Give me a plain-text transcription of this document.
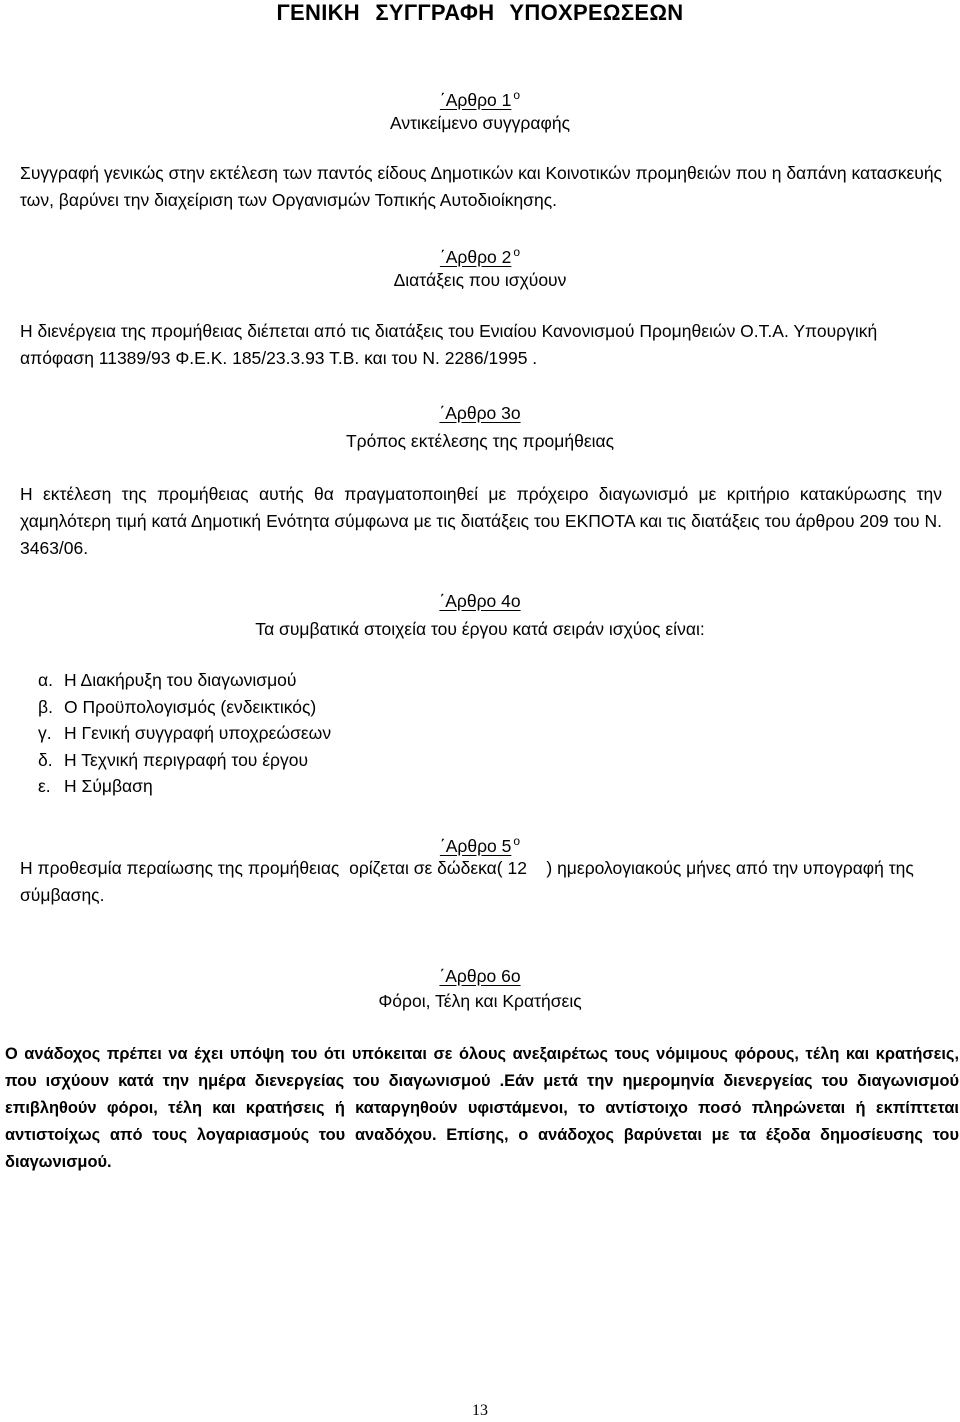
ΓΕΝΙΚΗ ΣΥΓΓΡΑΦΗ ΥΠΟΧΡΕΩΣΕΩΝ
΄Αρθρο 1 ο
Αντικείμενο συγγραφής
Συγγραφή γενικώς στην εκτέλεση των παντός είδους Δημοτικών και Κοινοτικών προμηθειών που η δαπάνη κατασκευής των, βαρύνει την διαχείριση των Οργανισμών Τοπικής Αυτοδιοίκησης.
΄Αρθρο 2 ο
Διατάξεις που ισχύουν
Η διενέργεια της προμήθειας διέπεται από τις διατάξεις του Ενιαίου Κανονισμού Προμηθειών Ο.Τ.Α. Υπουργική απόφαση 11389/93 Φ.Ε.Κ. 185/23.3.93 Τ.Β. και του Ν. 2286/1995 .
΄Αρθρο 3ο
Τρόπος εκτέλεσης της προμήθειας
Η εκτέλεση της προμήθειας αυτής θα πραγματοποιηθεί με πρόχειρο διαγωνισμό με κριτήριο κατακύρωσης την χαμηλότερη τιμή κατά Δημοτική Ενότητα σύμφωνα με τις διατάξεις του ΕΚΠΟΤΑ και τις διατάξεις του άρθρου 209 του Ν. 3463/06.
΄Αρθρο 4ο
Τα συμβατικά στοιχεία του έργου κατά σειράν ισχύος είναι:
α. Η Διακήρυξη του διαγωνισμού
β. Ο Προϋπολογισμός (ενδεικτικός)
γ. Η Γενική συγγραφή υποχρεώσεων
δ. Η Τεχνική περιγραφή του έργου
ε. Η Σύμβαση
΄Αρθρο 5 ο
Η προθεσμία περαίωσης της προμήθειας  ορίζεται σε δώδεκα( 12    ) ημερολογιακούς μήνες από την υπογραφή της σύμβασης.
΄Αρθρο 6ο
Φόροι, Τέλη και Κρατήσεις
Ο ανάδοχος πρέπει να έχει υπόψη του ότι υπόκειται σε όλους ανεξαιρέτως τους νόμιμους φόρους, τέλη και κρατήσεις, που ισχύουν κατά την ημέρα διενεργείας του διαγωνισμού .Εάν μετά την ημερομηνία διενεργείας του διαγωνισμού επιβληθούν φόροι, τέλη και κρατήσεις ή καταργηθούν υφιστάμενοι, το αντίστοιχο ποσό πληρώνεται ή εκπίπτεται αντιστοίχως από τους λογαριασμούς του αναδόχου. Επίσης, ο ανάδοχος βαρύνεται με τα έξοδα δημοσίευσης του διαγωνισμού.
13
